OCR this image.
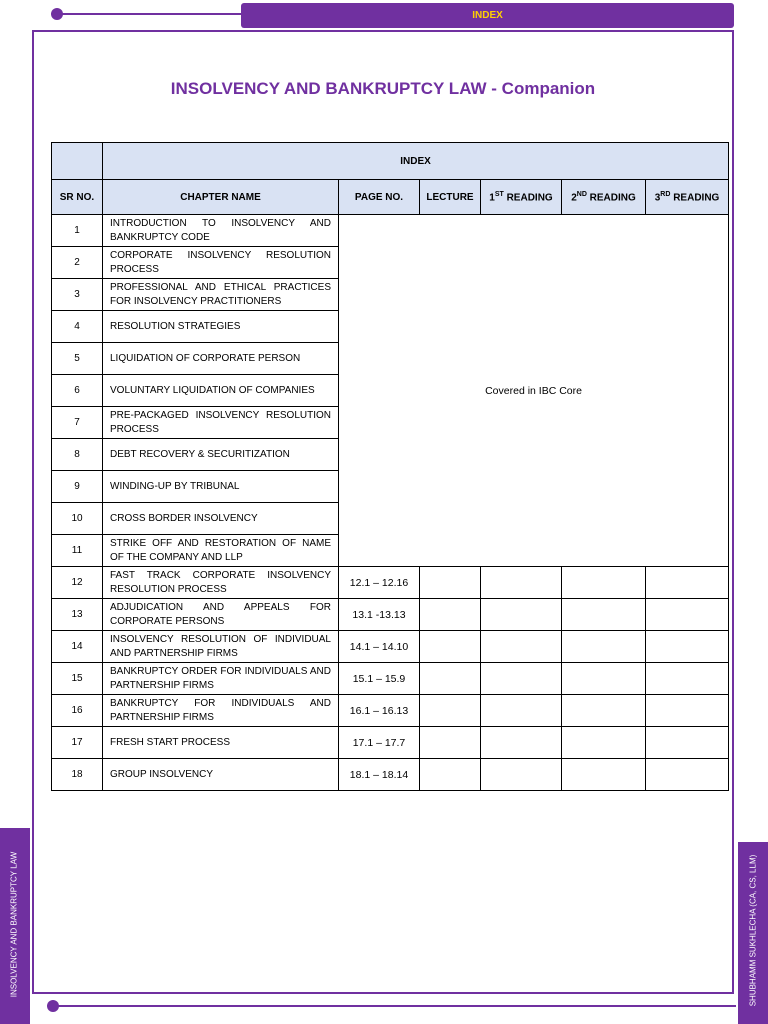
INDEX
INSOLVENCY AND BANKRUPTCY LAW	SHUBHAMM SUKHLECHA (CA, CS, LLM)
INSOLVENCY AND BANKRUPTCY LAW - Companion
	INDEX					
SR NO.	CHAPTER NAME	PAGE NO.	LECTURE	1ST READING	2ND READING	3RD READING
1	INTRODUCTION TO INSOLVENCY AND BANKRUPTCY CODE	Covered in IBC Core				
2	CORPORATE INSOLVENCY RESOLUTION PROCESS					
3	PROFESSIONAL AND ETHICAL PRACTICES FOR INSOLVENCY PRACTITIONERS					
4	RESOLUTION STRATEGIES					
5	LIQUIDATION OF CORPORATE PERSON					
6	VOLUNTARY LIQUIDATION OF COMPANIES					
7	PRE-PACKAGED INSOLVENCY RESOLUTION PROCESS					
8	DEBT RECOVERY & SECURITIZATION					
9	WINDING-UP BY TRIBUNAL					
10	CROSS BORDER INSOLVENCY					
11	STRIKE OFF AND RESTORATION OF NAME OF THE COMPANY AND LLP					
12	FAST TRACK CORPORATE INSOLVENCY RESOLUTION PROCESS	12.1 – 12.16				
13	ADJUDICATION AND APPEALS FOR CORPORATE PERSONS	13.1 -13.13				
14	INSOLVENCY RESOLUTION OF INDIVIDUAL AND PARTNERSHIP FIRMS	14.1 – 14.10				
15	BANKRUPTCY ORDER FOR INDIVIDUALS AND PARTNERSHIP FIRMS	15.1 – 15.9				
16	BANKRUPTCY FOR INDIVIDUALS AND PARTNERSHIP FIRMS	16.1 – 16.13				
17	FRESH START PROCESS	17.1 – 17.7				
18	GROUP INSOLVENCY	18.1 – 18.14				
